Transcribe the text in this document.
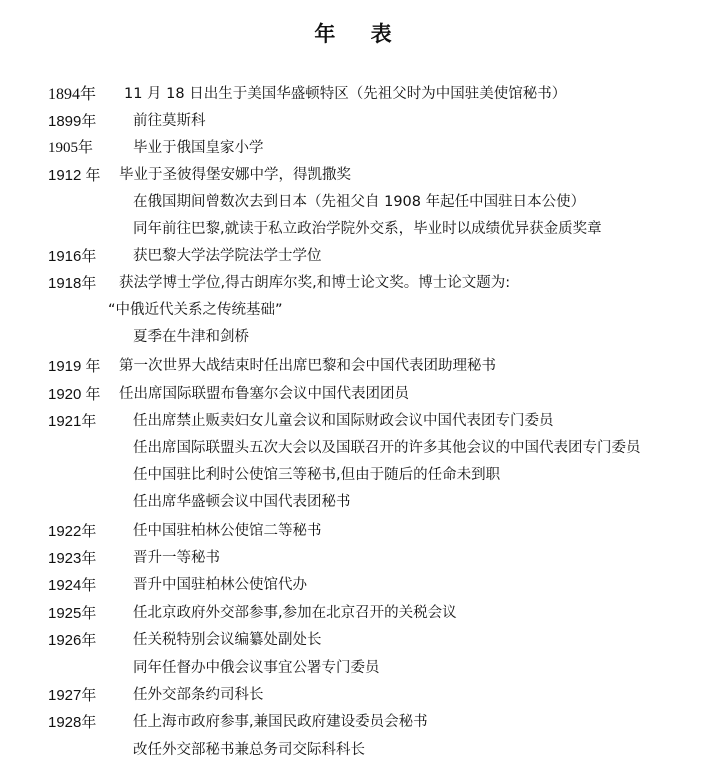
年 表
1894年 11 月 18 日出生于美国华盛顿特区（先祖父时为中国驻美使馆秘书）
1899年	前往莫斯科
1905年	毕业于俄国皇家小学
1912 年 毕业于圣彼得堡安娜中学，得凯撒奖
在俄国期间曾数次去到日本（先祖父自 1908 年起任中国驻日本公使）
同年前往巴黎,就读于私立政治学院外交系，毕业时以成绩优异获金质奖章
1916年	获巴黎大学法学院法学士学位
1918年 获法学博士学位,得古朗库尔奖,和博士论文奖。博士论文题为:
“中俄近代关系之传统基础”
夏季在牛津和剑桥
1919 年 第一次世界大战结束时任出席巴黎和会中国代表团助理秘书
1920 年 任出席国际联盟布鲁塞尔会议中国代表团团员
1921年	任出席禁止贩卖妇女儿童会议和国际财政会议中国代表团专门委员
任出席国际联盟头五次大会以及国联召开的许多其他会议的中国代表团专门委员
任中国驻比利时公使馆三等秘书,但由于随后的任命未到职
任出席华盛顿会议中国代表团秘书
1922年	任中国驻柏林公使馆二等秘书
1923年	晋升一等秘书
1924年	晋升中国驻柏林公使馆代办
1925年	任北京政府外交部参事,参加在北京召开的关税会议
1926年	任关税特别会议编纂处副处长
同年任督办中俄会议事宜公署专门委员
1927年	任外交部条约司科长
1928年	任上海市政府参事,兼国民政府建设委员会秘书
改任外交部秘书兼总务司交际科科长
